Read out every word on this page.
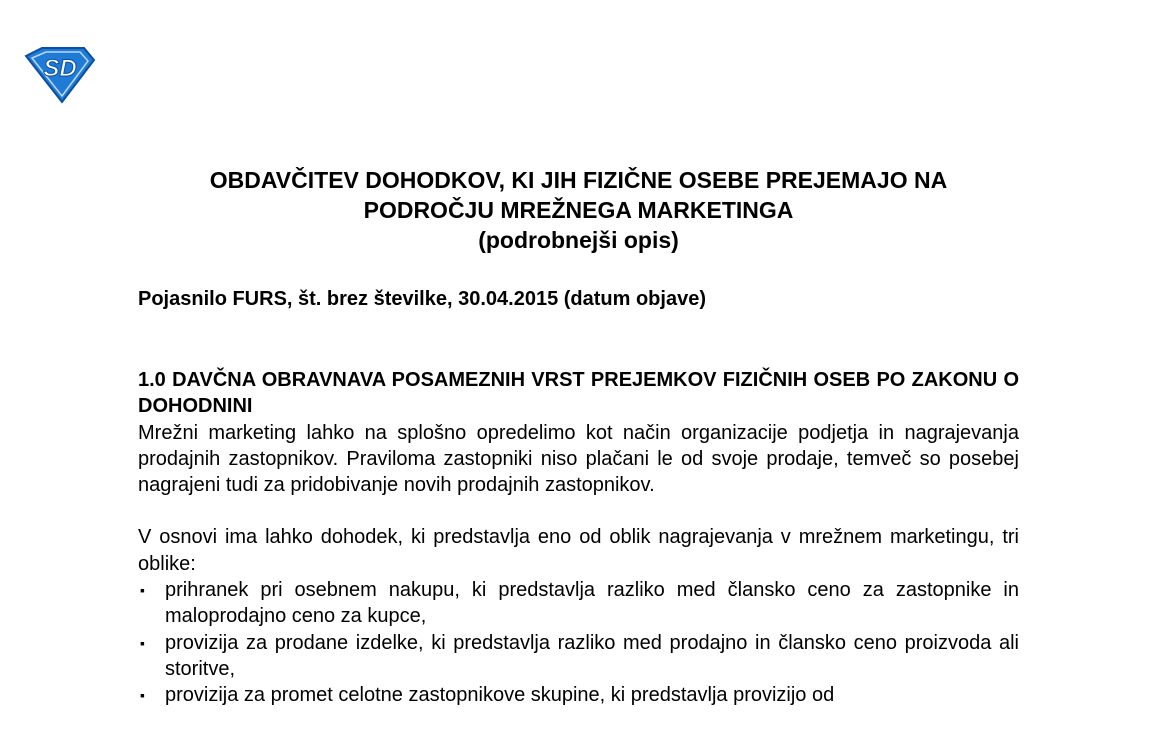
SD
OBDAVČITEV DOHODKOV, KI JIH FIZIČNE OSEBE PREJEMAJO NA
PODROČJU MREŽNEGA MARKETINGA
(podrobnejši opis)
Pojasnilo FURS, št. brez številke, 30.04.2015 (datum objave)

1.0 DAVČNA OBRAVNAVA POSAMEZNIH VRST PREJEMKOV FIZIČNIH OSEB PO ZAKONU O DOHODNINI

Mrežni marketing lahko na splošno opredelimo kot način organizacije podjetja in nagrajevanja prodajnih zastopnikov. Praviloma zastopniki niso plačani le od svoje prodaje, temveč so posebej nagrajeni tudi za pridobivanje novih prodajnih zastopnikov.

V osnovi ima lahko dohodek, ki predstavlja eno od oblik nagrajevanja v mrežnem marketingu, tri oblike:

▪ prihranek pri osebnem nakupu, ki predstavlja razliko med člansko ceno za zastopnike in maloprodajno ceno za kupce,
▪ provizija za prodane izdelke, ki predstavlja razliko med prodajno in člansko ceno proizvoda ali storitve,
▪ provizija za promet celotne zastopnikove skupine, ki predstavlja provizijo od
